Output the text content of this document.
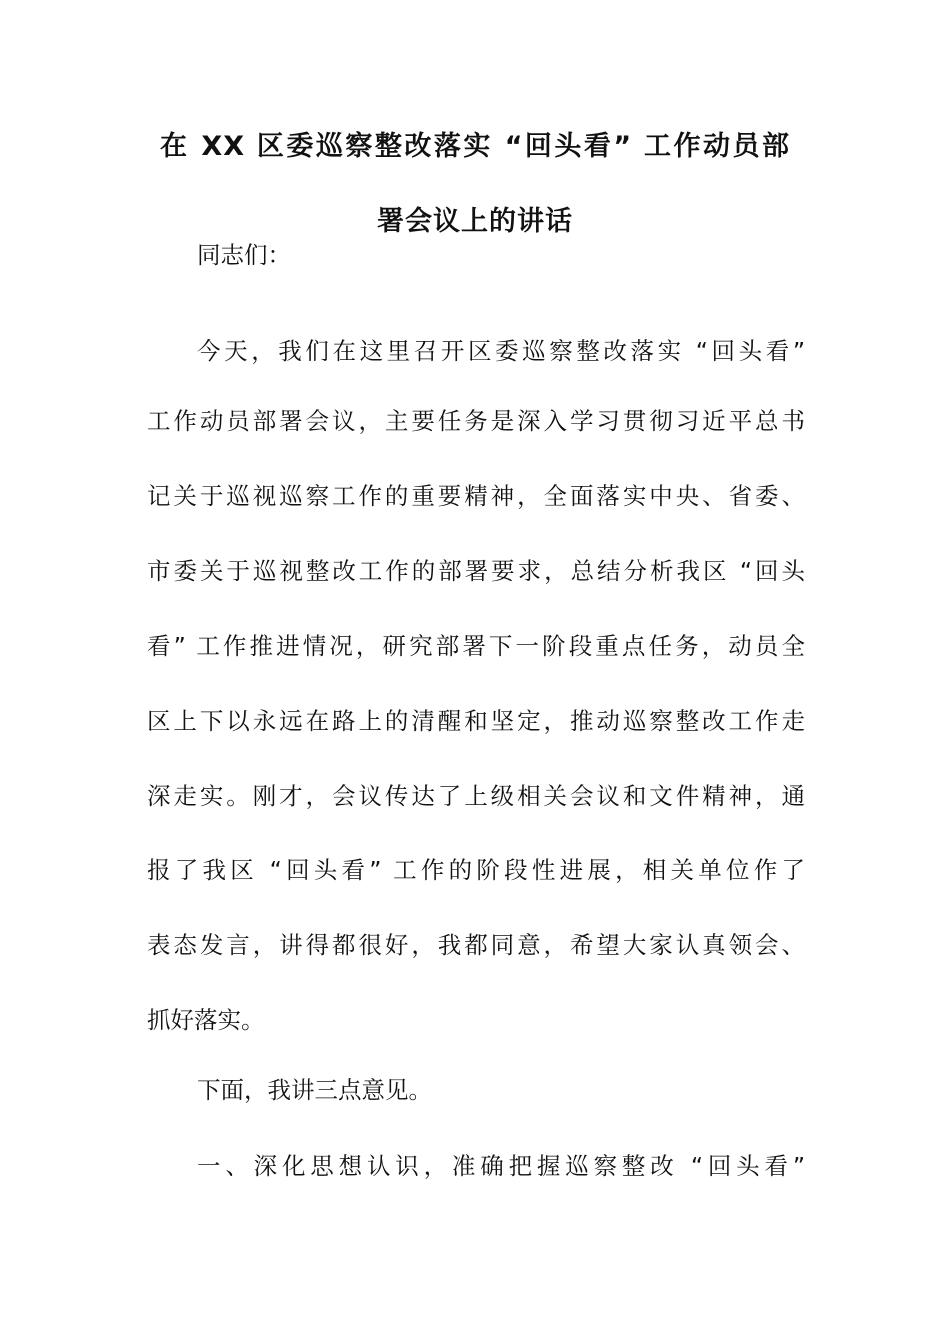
在 XX 区委巡察整改落实 “回头看” 工作动员部
署会议上的讲话
同志们：
今天，我们在这里召开区委巡察整改落实 “回头看”
工作动员部署会议，主要任务是深入学习贯彻习近平总书
记关于巡视巡察工作的重要精神，全面落实中央、省委、
市委关于巡视整改工作的部署要求，总结分析我区 “回头
看” 工作推进情况，研究部署下一阶段重点任务，动员全
区上下以永远在路上的清醒和坚定，推动巡察整改工作走
深走实。刚才，会议传达了上级相关会议和文件精神，通
报了我区 “回头看” 工作的阶段性进展，相关单位作了
表态发言，讲得都很好，我都同意，希望大家认真领会、
抓好落实。
下面，我讲三点意见。
一、深化思想认识，准确把握巡察整改 “回头看”
